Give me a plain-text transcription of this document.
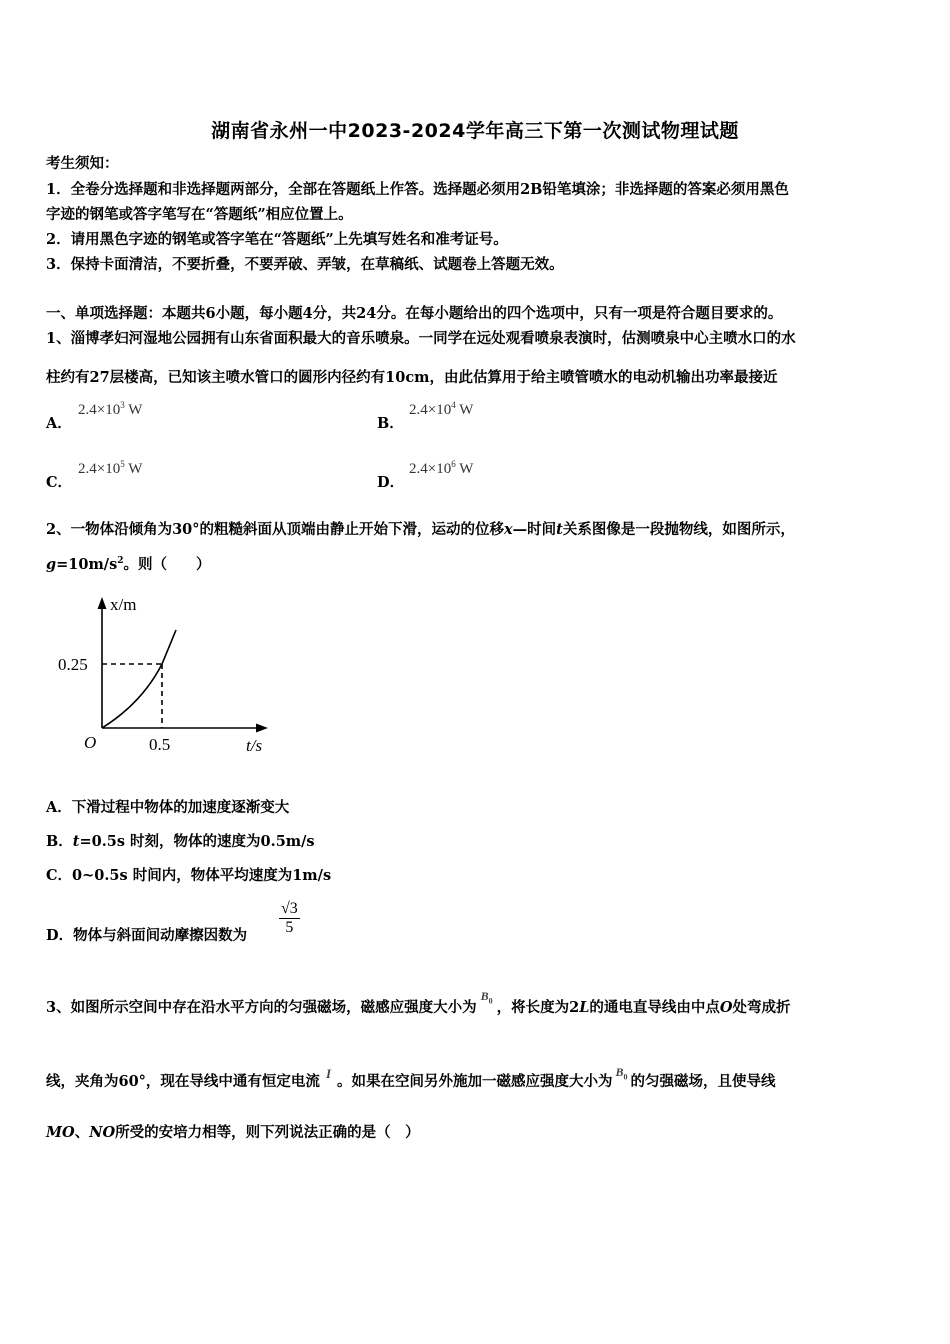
湖南省永州一中2023-2024学年高三下第一次测试物理试题
考生须知：
1．全卷分选择题和非选择题两部分，全部在答题纸上作答。选择题必须用2B铅笔填涂；非选择题的答案必须用黑色
字迹的钢笔或答字笔写在“答题纸”相应位置上。
2．请用黑色字迹的钢笔或答字笔在“答题纸”上先填写姓名和准考证号。
3．保持卡面清洁，不要折叠，不要弄破、弄皱，在草稿纸、试题卷上答题无效。
一、单项选择题：本题共6小题，每小题4分，共24分。在每小题给出的四个选项中，只有一项是符合题目要求的。
1、淄博孝妇河湿地公园拥有山东省面积最大的音乐喷泉。一同学在远处观看喷泉表演时，估测喷泉中心主喷水口的水
柱约有27层楼高，已知该主喷水管口的圆形内径约有10cm，由此估算用于给主喷管喷水的电动机输出功率最接近
A．
$2.4\times 10^3$ W
B．
$2.4\times 10^4$ W
C．
$2.4\times 10^5$ W
D．
$2.4\times 10^6$ W
2、一物体沿倾角为30°的粗糙斜面从顶端由静止开始下滑，运动的位移x—时间t关系图像是一段抛物线，如图所示，
$g=10m/s^2$。则（　　）
x/m
t/s
O
0.25
0.5
A．下滑过程中物体的加速度逐渐变大
B．t=0.5s 时刻，物体的速度为0.5m/s
C．0~0.5s 时间内，物体平均速度为1m/s
D．物体与斜面间动摩擦因数为 $\frac{√3}{5}$
3、如图所示空间中存在沿水平方向的匀强磁场，磁感应强度大小为$^{B_0}$ ，将长度为2L的通电直导线由中点O处弯成折
线，夹角为60°，现在导线中通有恒定电流 I 。如果在空间另外施加一磁感应强度大小为$^{B_0}$ 的匀强磁场，且使导线
MO、NO所受的安培力相等，则下列说法正确的是（　）
